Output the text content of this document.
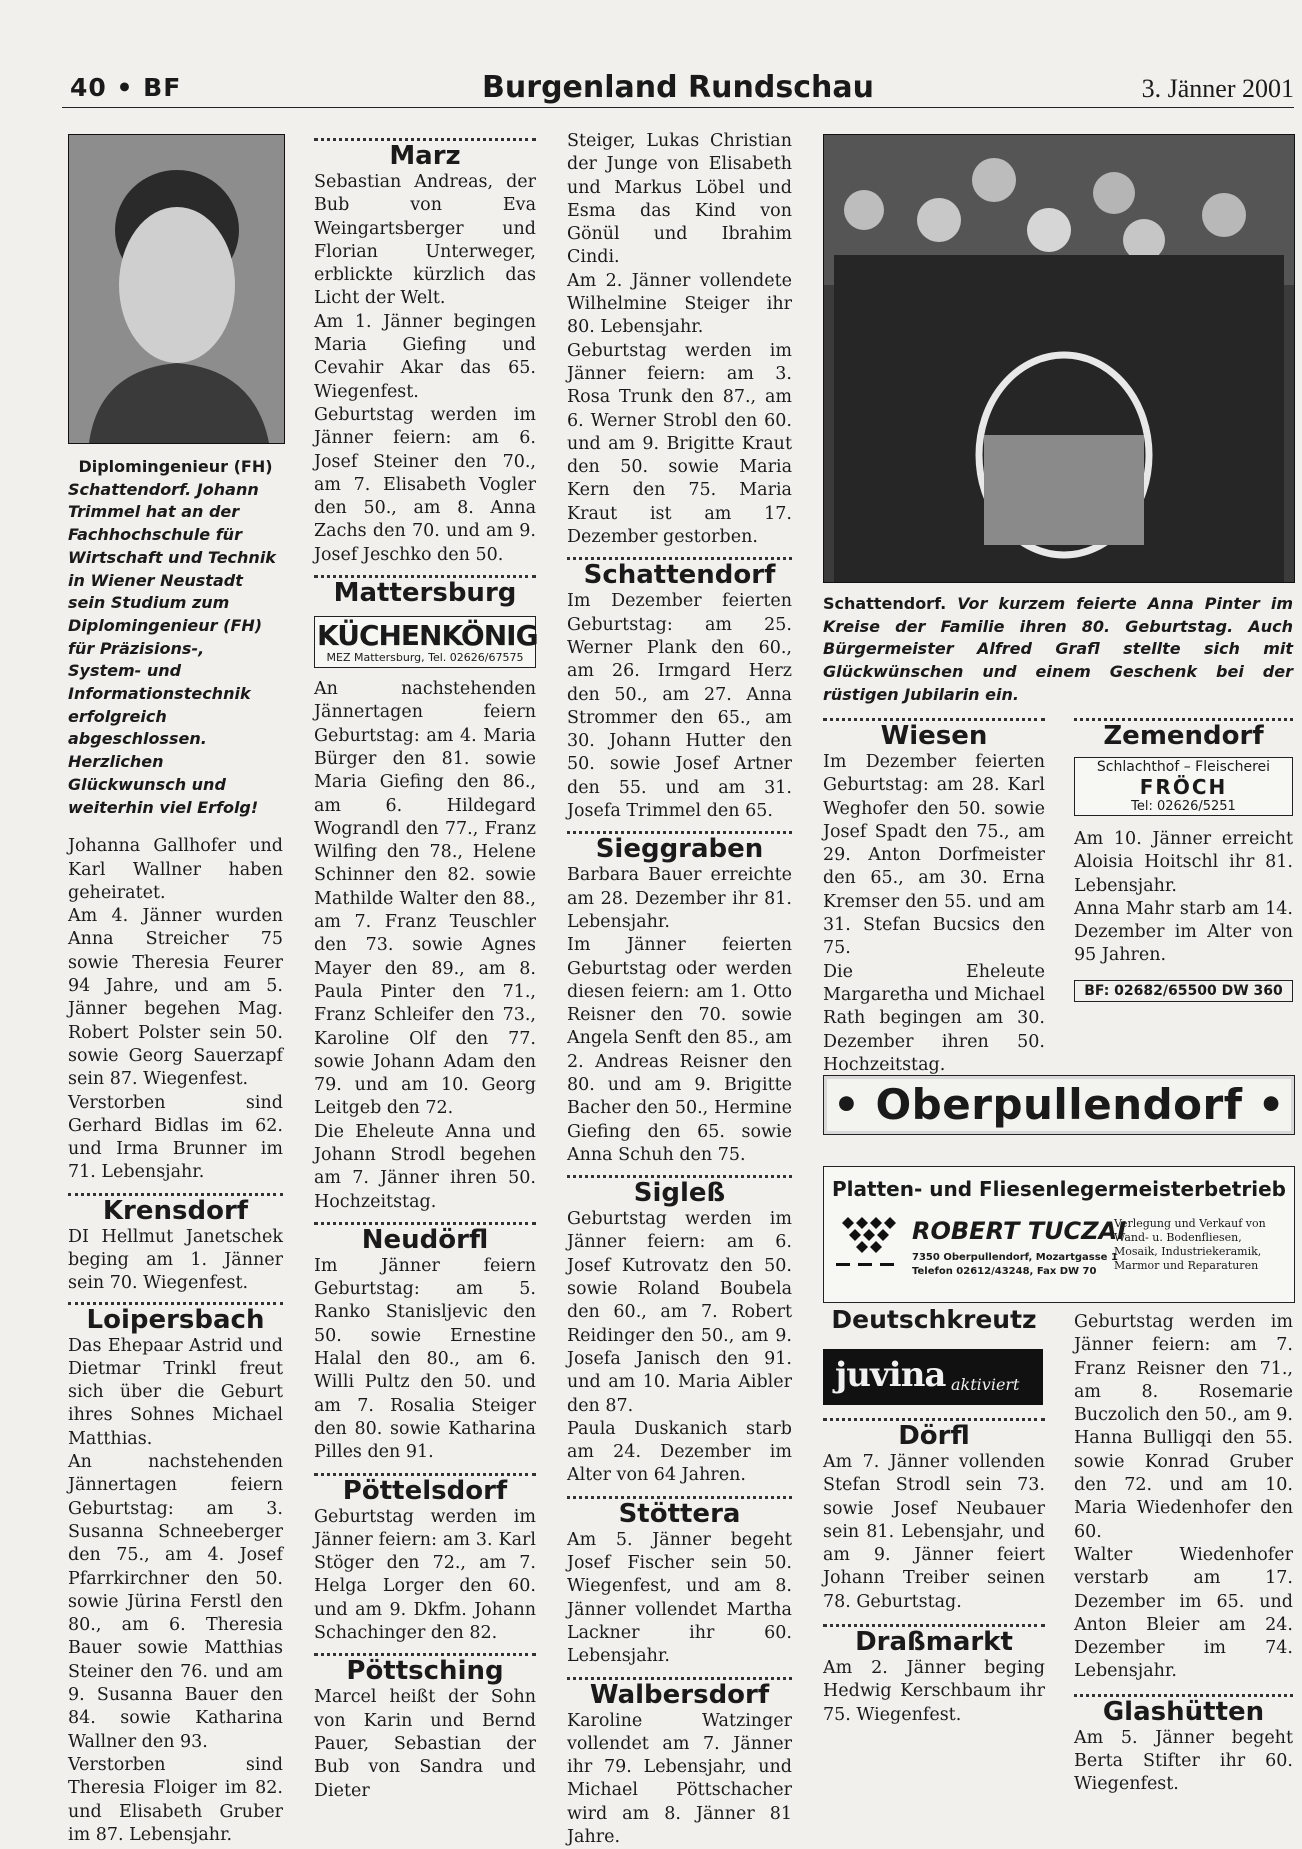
40 • BF	Burgenland Rundschau	3. Jänner 2001
Diplomingenieur (FH)
Schattendorf. Johann Trimmel hat an der Fachhochschule für Wirtschaft und Technik in Wiener Neustadt sein Studium zum Diplomingenieur (FH) für Präzisions-, System- und Informationstechnik erfolgreich abgeschlossen. Herzlichen Glückwunsch und weiterhin viel Erfolg!

Johanna Gallhofer und Karl Wallner haben geheiratet.

Am 4. Jänner wurden Anna Streicher 75 sowie Theresia Feurer 94 Jahre, und am 5. Jänner begehen Mag. Robert Polster sein 50. sowie Georg Sauerzapf sein 87. Wiegenfest.

Verstorben sind Gerhard Bidlas im 62. und Irma Brunner im 71. Lebensjahr.

Krensdorf

DI Hellmut Janetschek beging am 1. Jänner sein 70. Wiegenfest.

Loipersbach

Das Ehepaar Astrid und Dietmar Trinkl freut sich über die Geburt ihres Sohnes Michael Matthias.

An nachstehenden Jännertagen feiern Geburtstag: am 3. Susanna Schneeberger den 75., am 4. Josef Pfarrkirchner den 50. sowie Jürina Ferstl den 80., am 6. Theresia Bauer sowie Matthias Steiner den 76. und am 9. Susanna Bauer den 84. sowie Katharina Wallner den 93.

Verstorben sind Theresia Floiger im 82. und Elisabeth Gruber im 87. Lebensjahr.

Marz

Sebastian Andreas, der Bub von Eva Weingartsberger und Florian Unterweger, erblickte kürzlich das Licht der Welt.

Am 1. Jänner begingen Maria Giefing und Cevahir Akar das 65. Wiegenfest.

Geburtstag werden im Jänner feiern: am 6. Josef Steiner den 70., am 7. Elisabeth Vogler den 50., am 8. Anna Zachs den 70. und am 9. Josef Jeschko den 50.

Mattersburg
KÜCHENKÖNIG
MEZ Mattersburg, Tel. 02626/67575

An nachstehenden Jännertagen feiern Geburtstag: am 4. Maria Bürger den 81. sowie Maria Giefing den 86., am 6. Hildegard Wograndl den 77., Franz Wilfing den 78., Helene Schinner den 82. sowie Mathilde Walter den 88., am 7. Franz Teuschler den 73. sowie Agnes Mayer den 89., am 8. Paula Pinter den 71., Franz Schleifer den 73., Karoline Olf den 77. sowie Johann Adam den 79. und am 10. Georg Leitgeb den 72.

Die Eheleute Anna und Johann Strodl begehen am 7. Jänner ihren 50. Hochzeitstag.

Neudörfl

Im Jänner feiern Geburtstag: am 5. Ranko Stanisljevic den 50. sowie Ernestine Halal den 80., am 6. Willi Pultz den 50. und am 7. Rosalia Steiger den 80. sowie Katharina Pilles den 91.

Pöttelsdorf

Geburtstag werden im Jänner feiern: am 3. Karl Stöger den 72., am 7. Helga Lorger den 60. und am 9. Dkfm. Johann Schachinger den 82.

Pöttsching

Marcel heißt der Sohn von Karin und Bernd Pauer, Sebastian der Bub von Sandra und Dieter

Steiger, Lukas Christian der Junge von Elisabeth und Markus Löbel und Esma das Kind von Gönül und Ibrahim Cindi.

Am 2. Jänner vollendete Wilhelmine Steiger ihr 80. Lebensjahr.

Geburtstag werden im Jänner feiern: am 3. Rosa Trunk den 87., am 6. Werner Strobl den 60. und am 9. Brigitte Kraut den 50. sowie Maria Kern den 75. Maria Kraut ist am 17. Dezember gestorben.

Schattendorf

Im Dezember feierten Geburtstag: am 25. Werner Plank den 60., am 26. Irmgard Herz den 50., am 27. Anna Strommer den 65., am 30. Johann Hutter den 50. sowie Josef Artner den 55. und am 31. Josefa Trimmel den 65.

Sieggraben

Barbara Bauer erreichte am 28. Dezember ihr 81. Lebensjahr.

Im Jänner feierten Geburtstag oder werden diesen feiern: am 1. Otto Reisner den 70. sowie Angela Senft den 85., am 2. Andreas Reisner den 80. und am 9. Brigitte Bacher den 50., Hermine Giefing den 65. sowie Anna Schuh den 75.

Sigleß

Geburtstag werden im Jänner feiern: am 6. Josef Kutrovatz den 50. sowie Roland Boubela den 60., am 7. Robert Reidinger den 50., am 9. Josefa Janisch den 91. und am 10. Maria Aibler den 87.

Paula Duskanich starb am 24. Dezember im Alter von 64 Jahren.

Stöttera

Am 5. Jänner begeht Josef Fischer sein 50. Wiegenfest, und am 8. Jänner vollendet Martha Lackner ihr 60. Lebensjahr.

Walbersdorf

Karoline Watzinger vollendet am 7. Jänner ihr 79. Lebensjahr, und Michael Pöttschacher wird am 8. Jänner 81 Jahre.

Schattendorf. Vor kurzem feierte Anna Pinter im Kreise der Familie ihren 80. Geburtstag. Auch Bürgermeister Alfred Grafl stellte sich mit Glückwünschen und einem Geschenk bei der rüstigen Jubilarin ein.
Wiesen

Im Dezember feierten Geburtstag: am 28. Karl Weghofer den 50. sowie Josef Spadt den 75., am 29. Anton Dorfmeister den 65., am 30. Erna Kremser den 55. und am 31. Stefan Bucsics den 75.

Die Eheleute Margaretha und Michael Rath begingen am 30. Dezember ihren 50. Hochzeitstag.

Zemendorf
Schlachthof – Fleischerei
FRÖCH
Tel: 02626/5251

Am 10. Jänner erreicht Aloisia Hoitschl ihr 81. Lebensjahr.

Anna Mahr starb am 14. Dezember im Alter von 95 Jahren.

BF: 02682/65500 DW 360
• Oberpullendorf •
Platten- und Fliesenlegermeisterbetrieb
ROBERT TUCZAI
7350 Oberpullendorf, Mozartgasse 1
Telefon 02612/43248, Fax DW 70
Verlegung und Verkauf von Wand- u. Bodenfliesen, Mosaik, Industriekeramik, Marmor und Reparaturen
Deutschkreutz
juvina aktiviert
Dörfl

Am 7. Jänner vollenden Stefan Strodl sein 73. sowie Josef Neubauer sein 81. Lebensjahr, und am 9. Jänner feiert Johann Treiber seinen 78. Geburtstag.

Draßmarkt

Am 2. Jänner beging Hedwig Kerschbaum ihr 75. Wiegenfest.

Geburtstag werden im Jänner feiern: am 7. Franz Reisner den 71., am 8. Rosemarie Buczolich den 50., am 9. Hanna Bulligqi den 55. sowie Konrad Gruber den 72. und am 10. Maria Wiedenhofer den 60.

Walter Wiedenhofer verstarb am 17. Dezember im 65. und Anton Bleier am 24. Dezember im 74. Lebensjahr.

Glashütten

Am 5. Jänner begeht Berta Stifter ihr 60. Wiegenfest.
